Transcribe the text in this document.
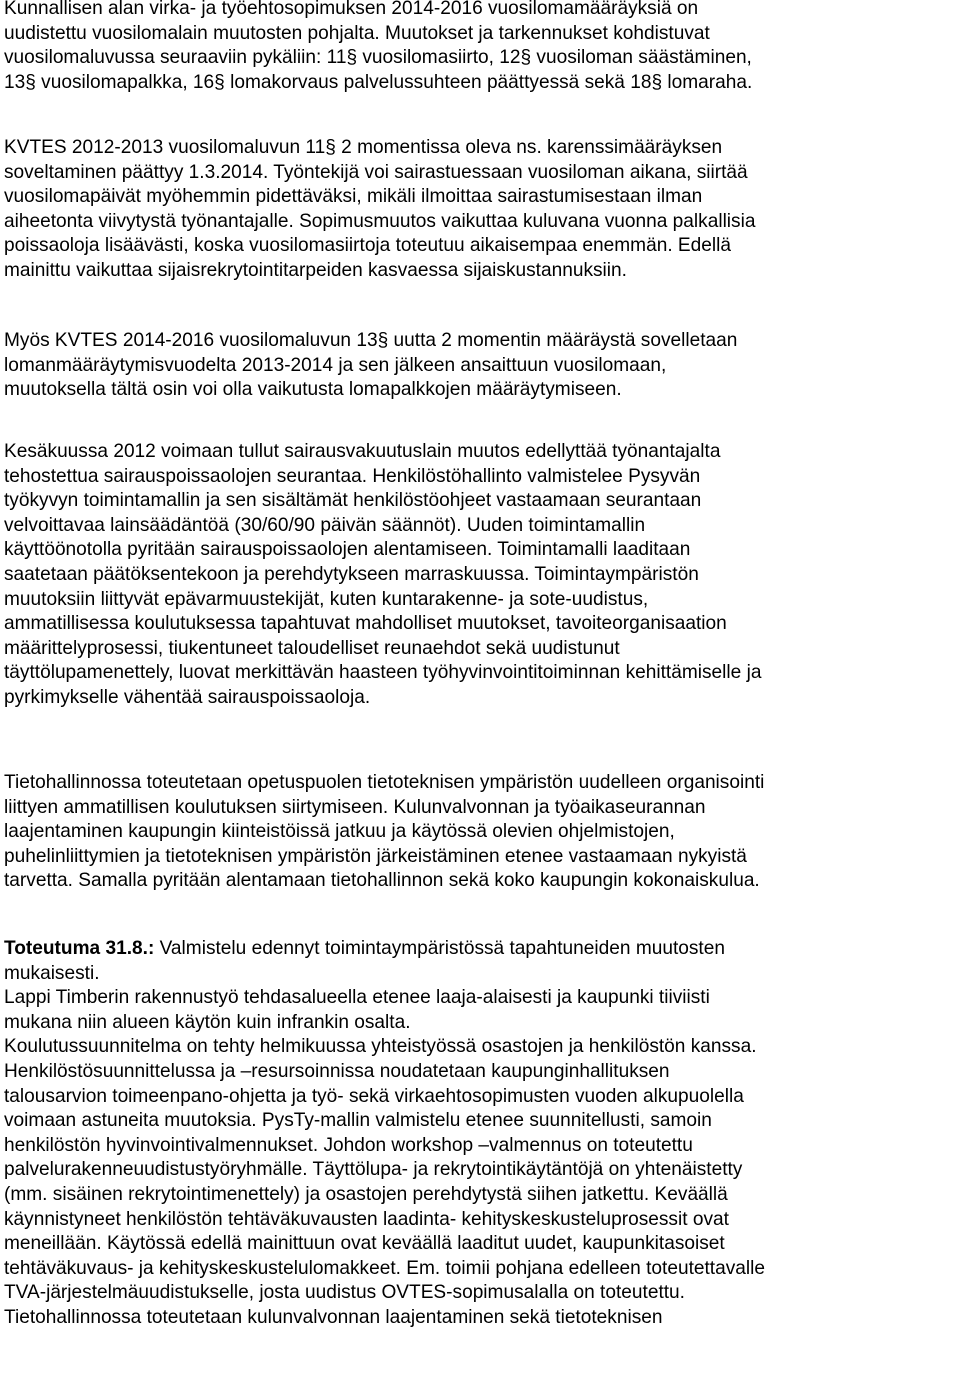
Kunnallisen alan virka- ja työehtosopimuksen 2014-2016 vuosilomamääräyksiä on
uudistettu vuosilomalain muutosten pohjalta. Muutokset ja tarkennukset kohdistuvat
vuosilomaluvussa seuraaviin pykäliin: 11§ vuosilomasiirto, 12§ vuosiloman säästäminen,
13§ vuosilomapalkka, 16§ lomakorvaus palvelussuhteen päättyessä sekä 18§ lomaraha.
KVTES 2012-2013 vuosilomaluvun 11§ 2 momentissa oleva ns. karenssimääräyksen
soveltaminen päättyy 1.3.2014. Työntekijä voi sairastuessaan vuosiloman aikana, siirtää
vuosilomapäivät myöhemmin pidettäväksi, mikäli ilmoittaa sairastumisestaan ilman
aiheetonta viivytystä työnantajalle. Sopimusmuutos vaikuttaa kuluvana vuonna palkallisia
poissaoloja lisäävästi, koska vuosilomasiirtoja toteutuu aikaisempaa enemmän. Edellä
mainittu vaikuttaa sijaisrekrytointitarpeiden kasvaessa sijaiskustannuksiin.
Myös KVTES 2014-2016 vuosilomaluvun 13§ uutta 2 momentin määräystä sovelletaan
lomanmääräytymisvuodelta 2013-2014 ja sen jälkeen ansaittuun vuosilomaan,
muutoksella tältä osin voi olla vaikutusta lomapalkkojen määräytymiseen.
Kesäkuussa 2012 voimaan tullut sairausvakuutuslain muutos edellyttää työnantajalta
tehostettua sairauspoissaolojen seurantaa. Henkilöstöhallinto valmistelee Pysyvän
työkyvyn toimintamallin ja sen sisältämät henkilöstöohjeet vastaamaan seurantaan
velvoittavaa lainsäädäntöä (30/60/90 päivän säännöt). Uuden toimintamallin
käyttöönotolla pyritään sairauspoissaolojen alentamiseen. Toimintamalli laaditaan
saatetaan päätöksentekoon ja perehdytykseen marraskuussa. Toimintaympäristön
muutoksiin liittyvät epävarmuustekijät, kuten kuntarakenne- ja sote-uudistus,
ammatillisessa koulutuksessa tapahtuvat mahdolliset muutokset, tavoiteorganisaation
määrittelyprosessi, tiukentuneet taloudelliset reunaehdot sekä uudistunut
täyttölupamenettely, luovat merkittävän haasteen työhyvinvointitoiminnan kehittämiselle ja
pyrkimykselle vähentää sairauspoissaoloja.
Tietohallinnossa toteutetaan opetuspuolen tietoteknisen ympäristön uudelleen organisointi
liittyen ammatillisen koulutuksen siirtymiseen. Kulunvalvonnan ja työaikaseurannan
laajentaminen kaupungin kiinteistöissä jatkuu ja käytössä olevien ohjelmistojen,
puhelinliittymien ja tietoteknisen ympäristön järkeistäminen etenee vastaamaan nykyistä
tarvetta. Samalla pyritään alentamaan tietohallinnon sekä koko kaupungin kokonaiskulua.
Toteutuma 31.8.: Valmistelu edennyt toimintaympäristössä tapahtuneiden muutosten
mukaisesti.
Lappi Timberin rakennustyö tehdasalueella etenee laaja-alaisesti ja kaupunki tiiviisti
mukana niin alueen käytön kuin infrankin osalta.
Koulutussuunnitelma on tehty helmikuussa yhteistyössä osastojen ja henkilöstön kanssa.
Henkilöstösuunnittelussa ja –resursoinnissa noudatetaan kaupunginhallituksen
talousarvion toimeenpano-ohjetta ja työ- sekä virkaehtosopimusten vuoden alkupuolella
voimaan astuneita muutoksia. PysTy-mallin valmistelu etenee suunnitellusti, samoin
henkilöstön hyvinvointivalmennukset. Johdon workshop –valmennus on toteutettu
palvelurakenneuudistustyöryhmälle. Täyttölupa- ja rekrytointikäytäntöjä on yhtenäistetty
(mm. sisäinen rekrytointimenettely) ja osastojen perehdytystä siihen jatkettu. Keväällä
käynnistyneet henkilöstön tehtäväkuvausten laadinta- kehityskeskusteluprosessit ovat
meneillään. Käytössä edellä mainittuun ovat keväällä laaditut uudet, kaupunkitasoiset
tehtäväkuvaus- ja kehityskeskustelulomakkeet. Em. toimii pohjana edelleen toteutettavalle
TVA-järjestelmäuudistukselle, josta uudistus OVTES-sopimusalalla on toteutettu.
Tietohallinnossa toteutetaan kulunvalvonnan laajentaminen sekä tietoteknisen
